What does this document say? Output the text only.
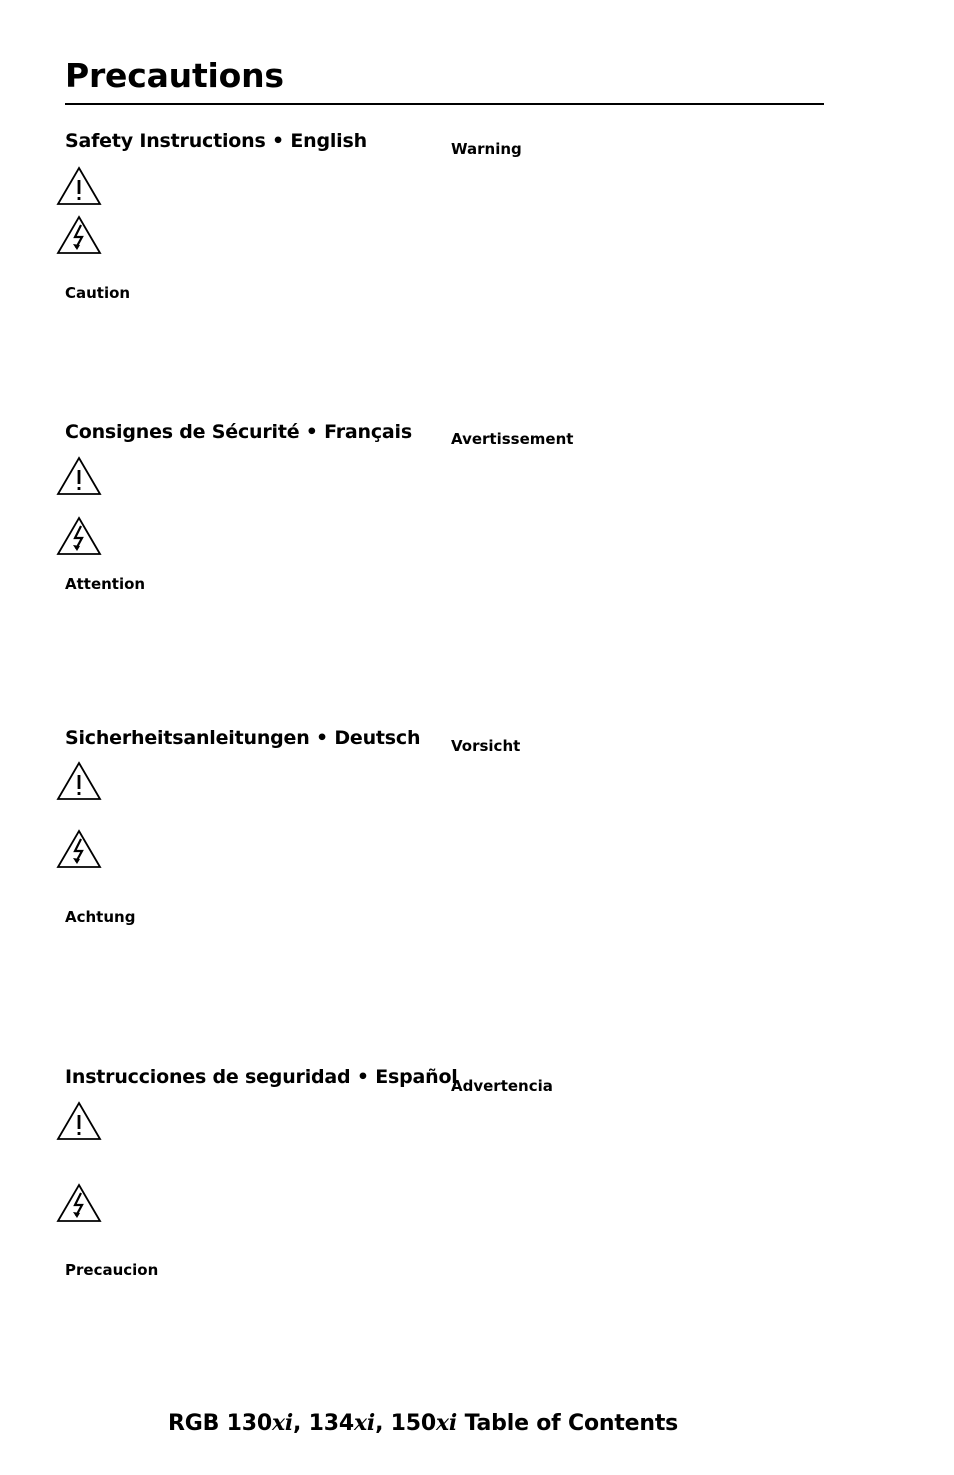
Precautions
Safety Instructions • English	Warning
Caution
Consignes de Sécurité • Français	Avertissement
Attention
Sicherheitsanleitungen • Deutsch Vorsicht
Achtung
Instrucciones de seguridad • Español
Advertencia
Precaucion
RGB 130xi, 134xi, 150xi Table of Contents
